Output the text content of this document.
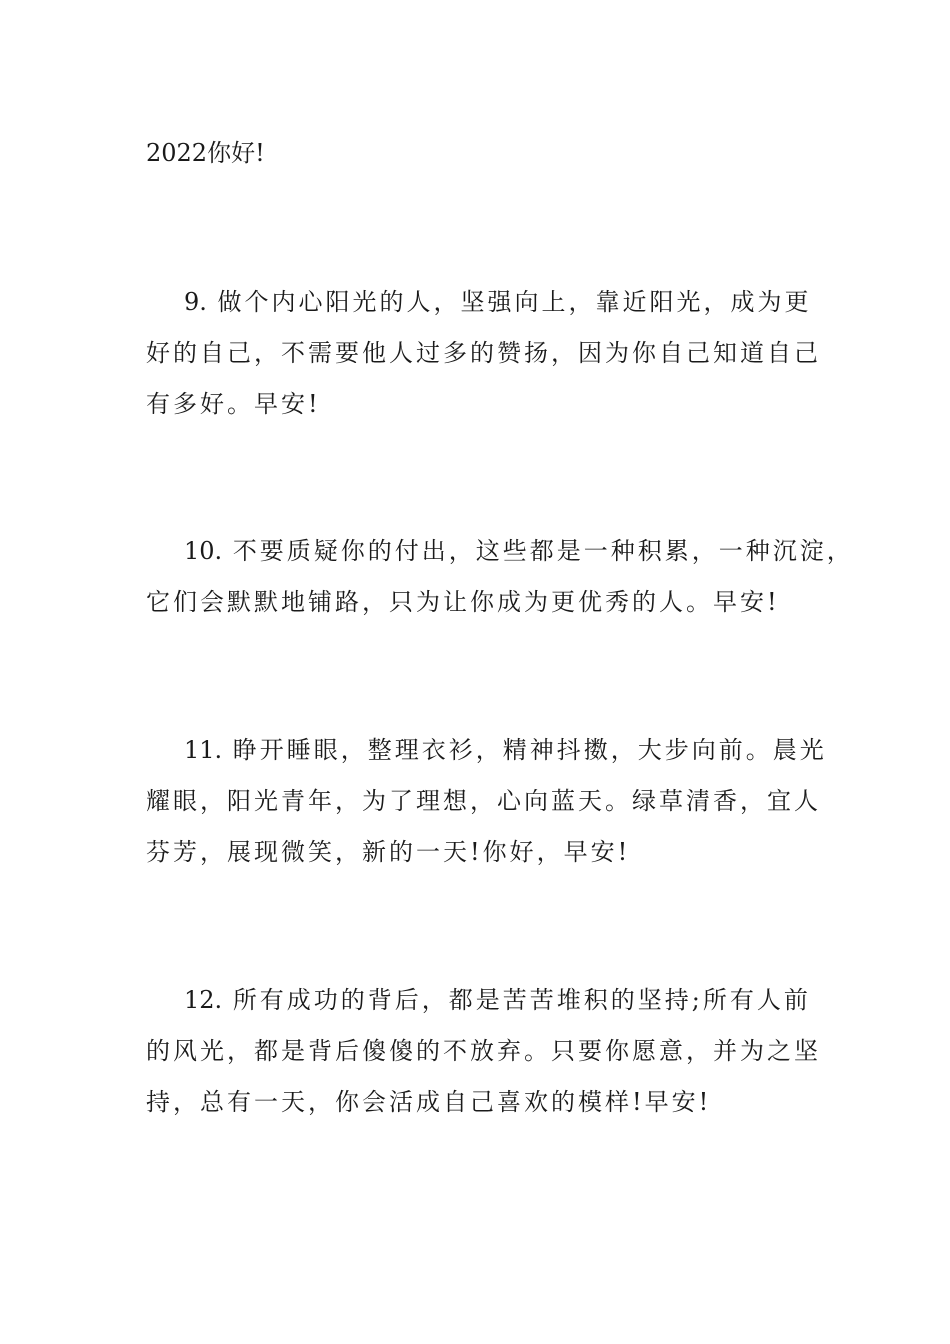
2022你好!
9. 做个内心阳光的人，坚强向上，靠近阳光，成为更
好的自己，不需要他人过多的赞扬，因为你自己知道自己
有多好。早安!
10. 不要质疑你的付出，这些都是一种积累，一种沉淀，
它们会默默地铺路，只为让你成为更优秀的人。早安!
11. 睁开睡眼，整理衣衫，精神抖擞，大步向前。晨光
耀眼，阳光青年，为了理想，心向蓝天。绿草清香，宜人
芬芳，展现微笑，新的一天!你好，早安!
12. 所有成功的背后，都是苦苦堆积的坚持;所有人前
的风光，都是背后傻傻的不放弃。只要你愿意，并为之坚
持，总有一天，你会活成自己喜欢的模样!早安!
